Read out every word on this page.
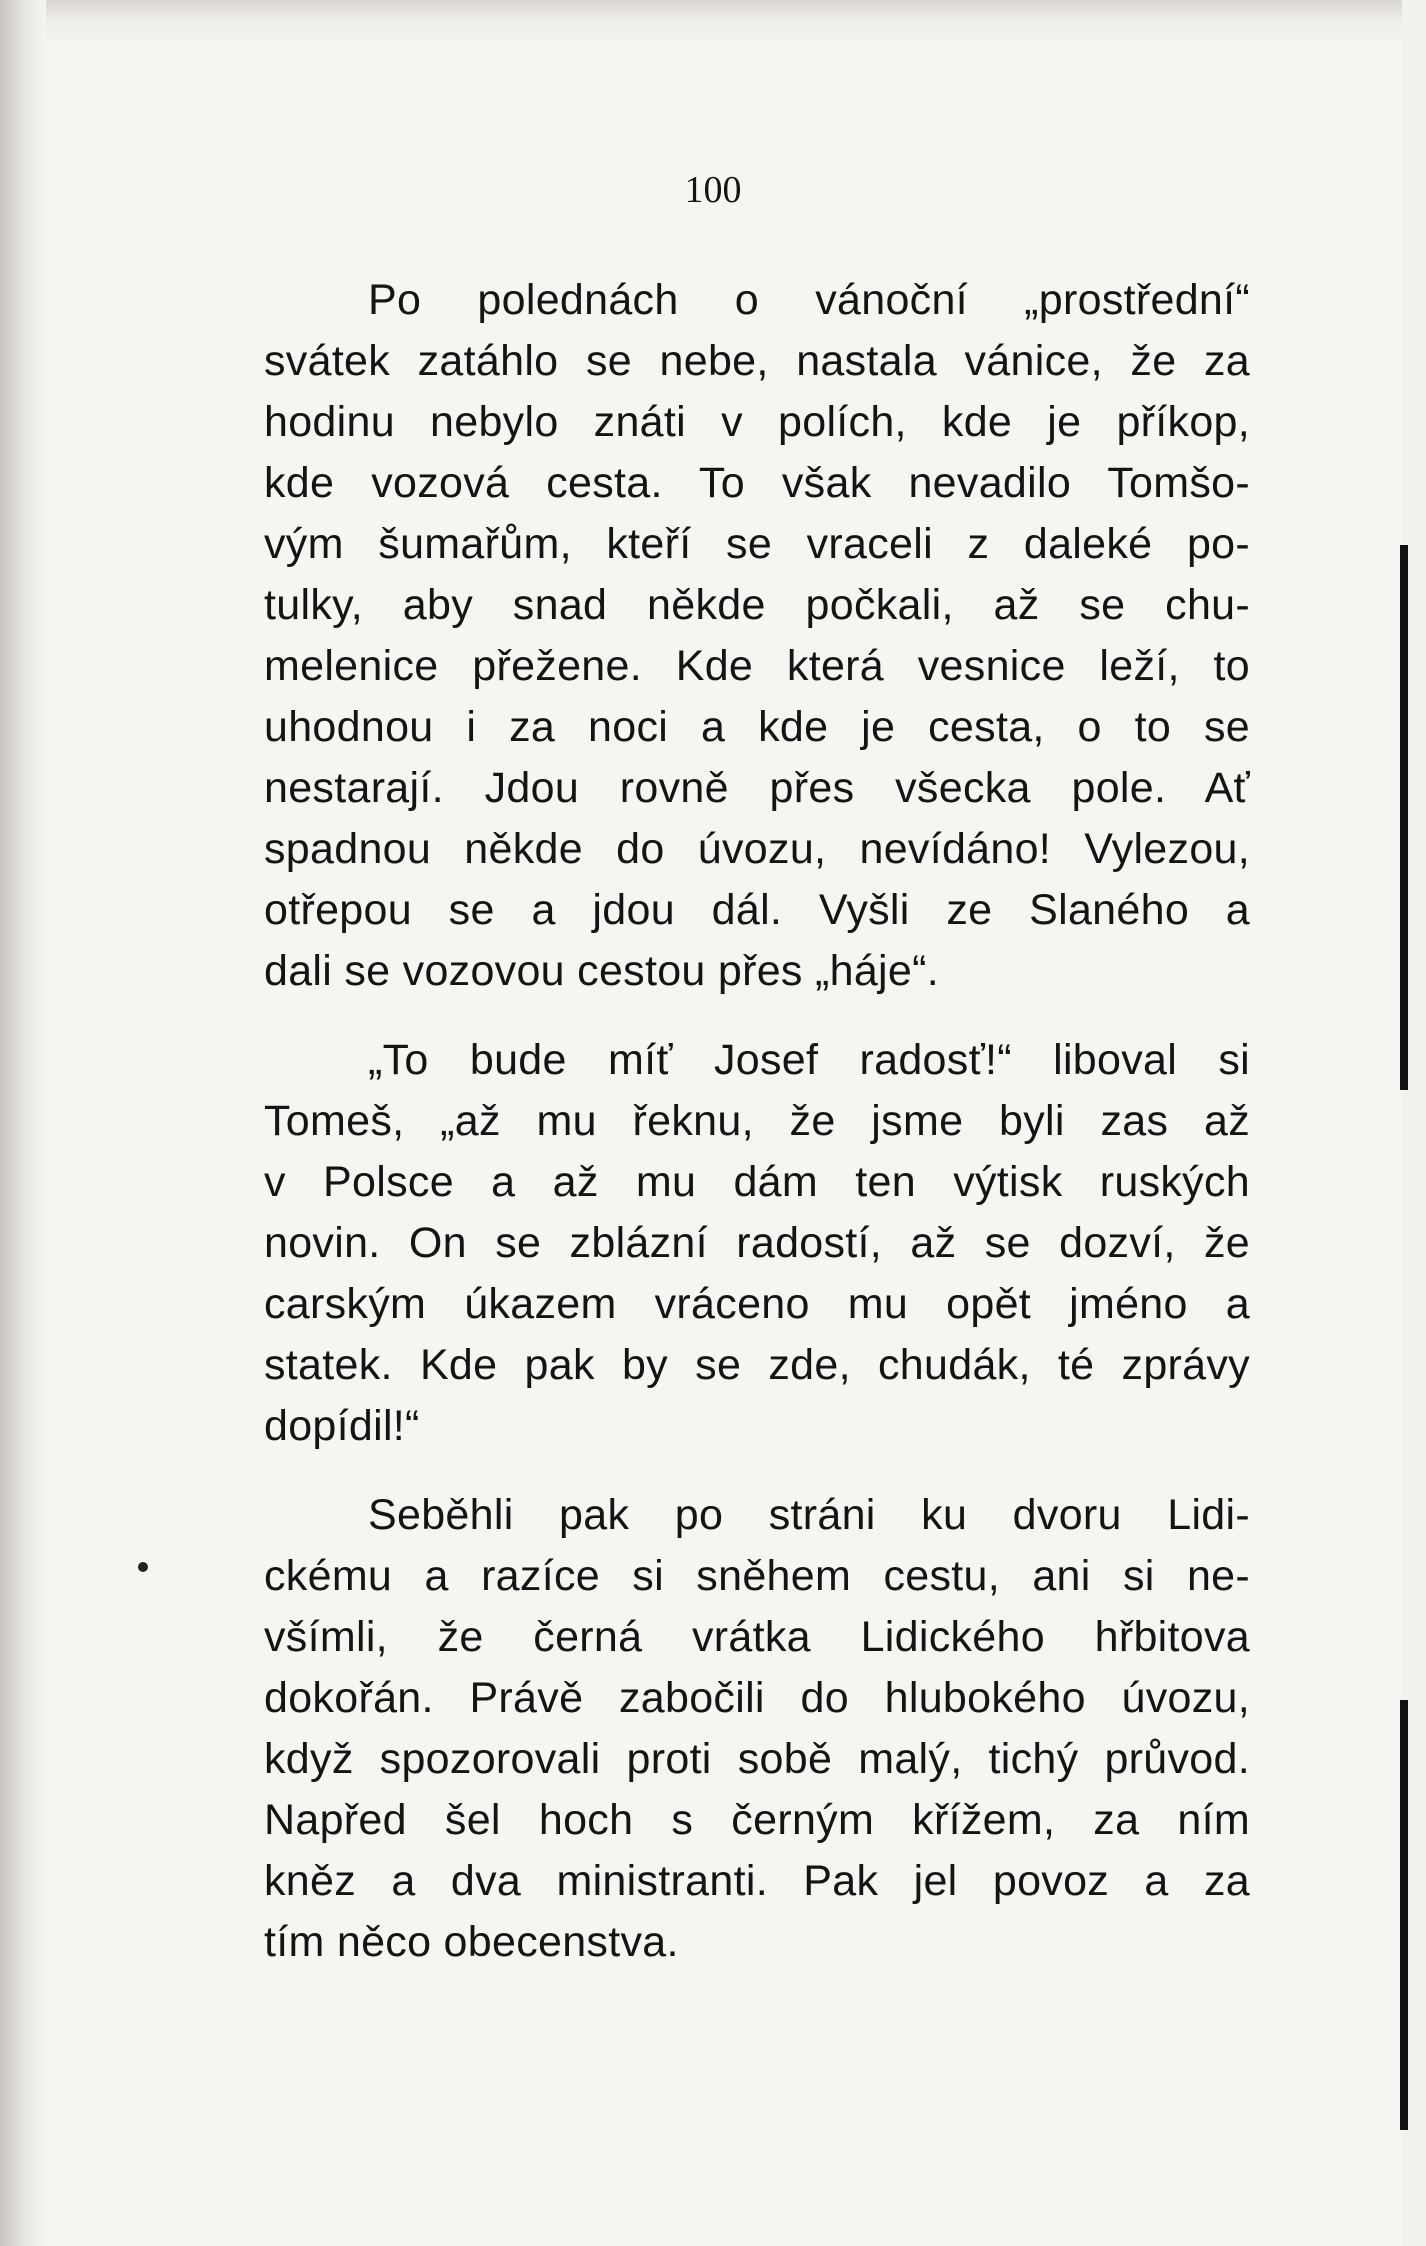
100

Po polednách o vánoční „prostřední“
svátek zatáhlo se nebe, nastala vánice, že za
hodinu nebylo znáti v polích, kde je příkop,
kde vozová cesta. To však nevadilo Tomšo-
vým šumařům, kteří se vraceli z daleké po-
tulky, aby snad někde počkali, až se chu-
melenice přežene. Kde která vesnice leží, to
uhodnou i za noci a kde je cesta, o to se
nestarají. Jdou rovně přes všecka pole. Ať
spadnou někde do úvozu, nevídáno! Vylezou,
otřepou se a jdou dál. Vyšli ze Slaného a
dali se vozovou cestou přes „háje“.

„To bude míť Josef radosť!“ liboval si
Tomeš, „až mu řeknu, že jsme byli zas až
v Polsce a až mu dám ten výtisk ruských
novin. On se zblázní radostí, až se dozví, že
carským úkazem vráceno mu opět jméno a
statek. Kde pak by se zde, chudák, té zprávy
dopídil!“

Seběhli pak po stráni ku dvoru Lidi-
ckému a razíce si sněhem cestu, ani si ne-
všímli, že černá vrátka Lidického hřbitova
dokořán. Právě zabočili do hlubokého úvozu,
když spozorovali proti sobě malý, tichý průvod.
Napřed šel hoch s černým křížem, za ním
kněz a dva ministranti. Pak jel povoz a za
tím něco obecenstva.
